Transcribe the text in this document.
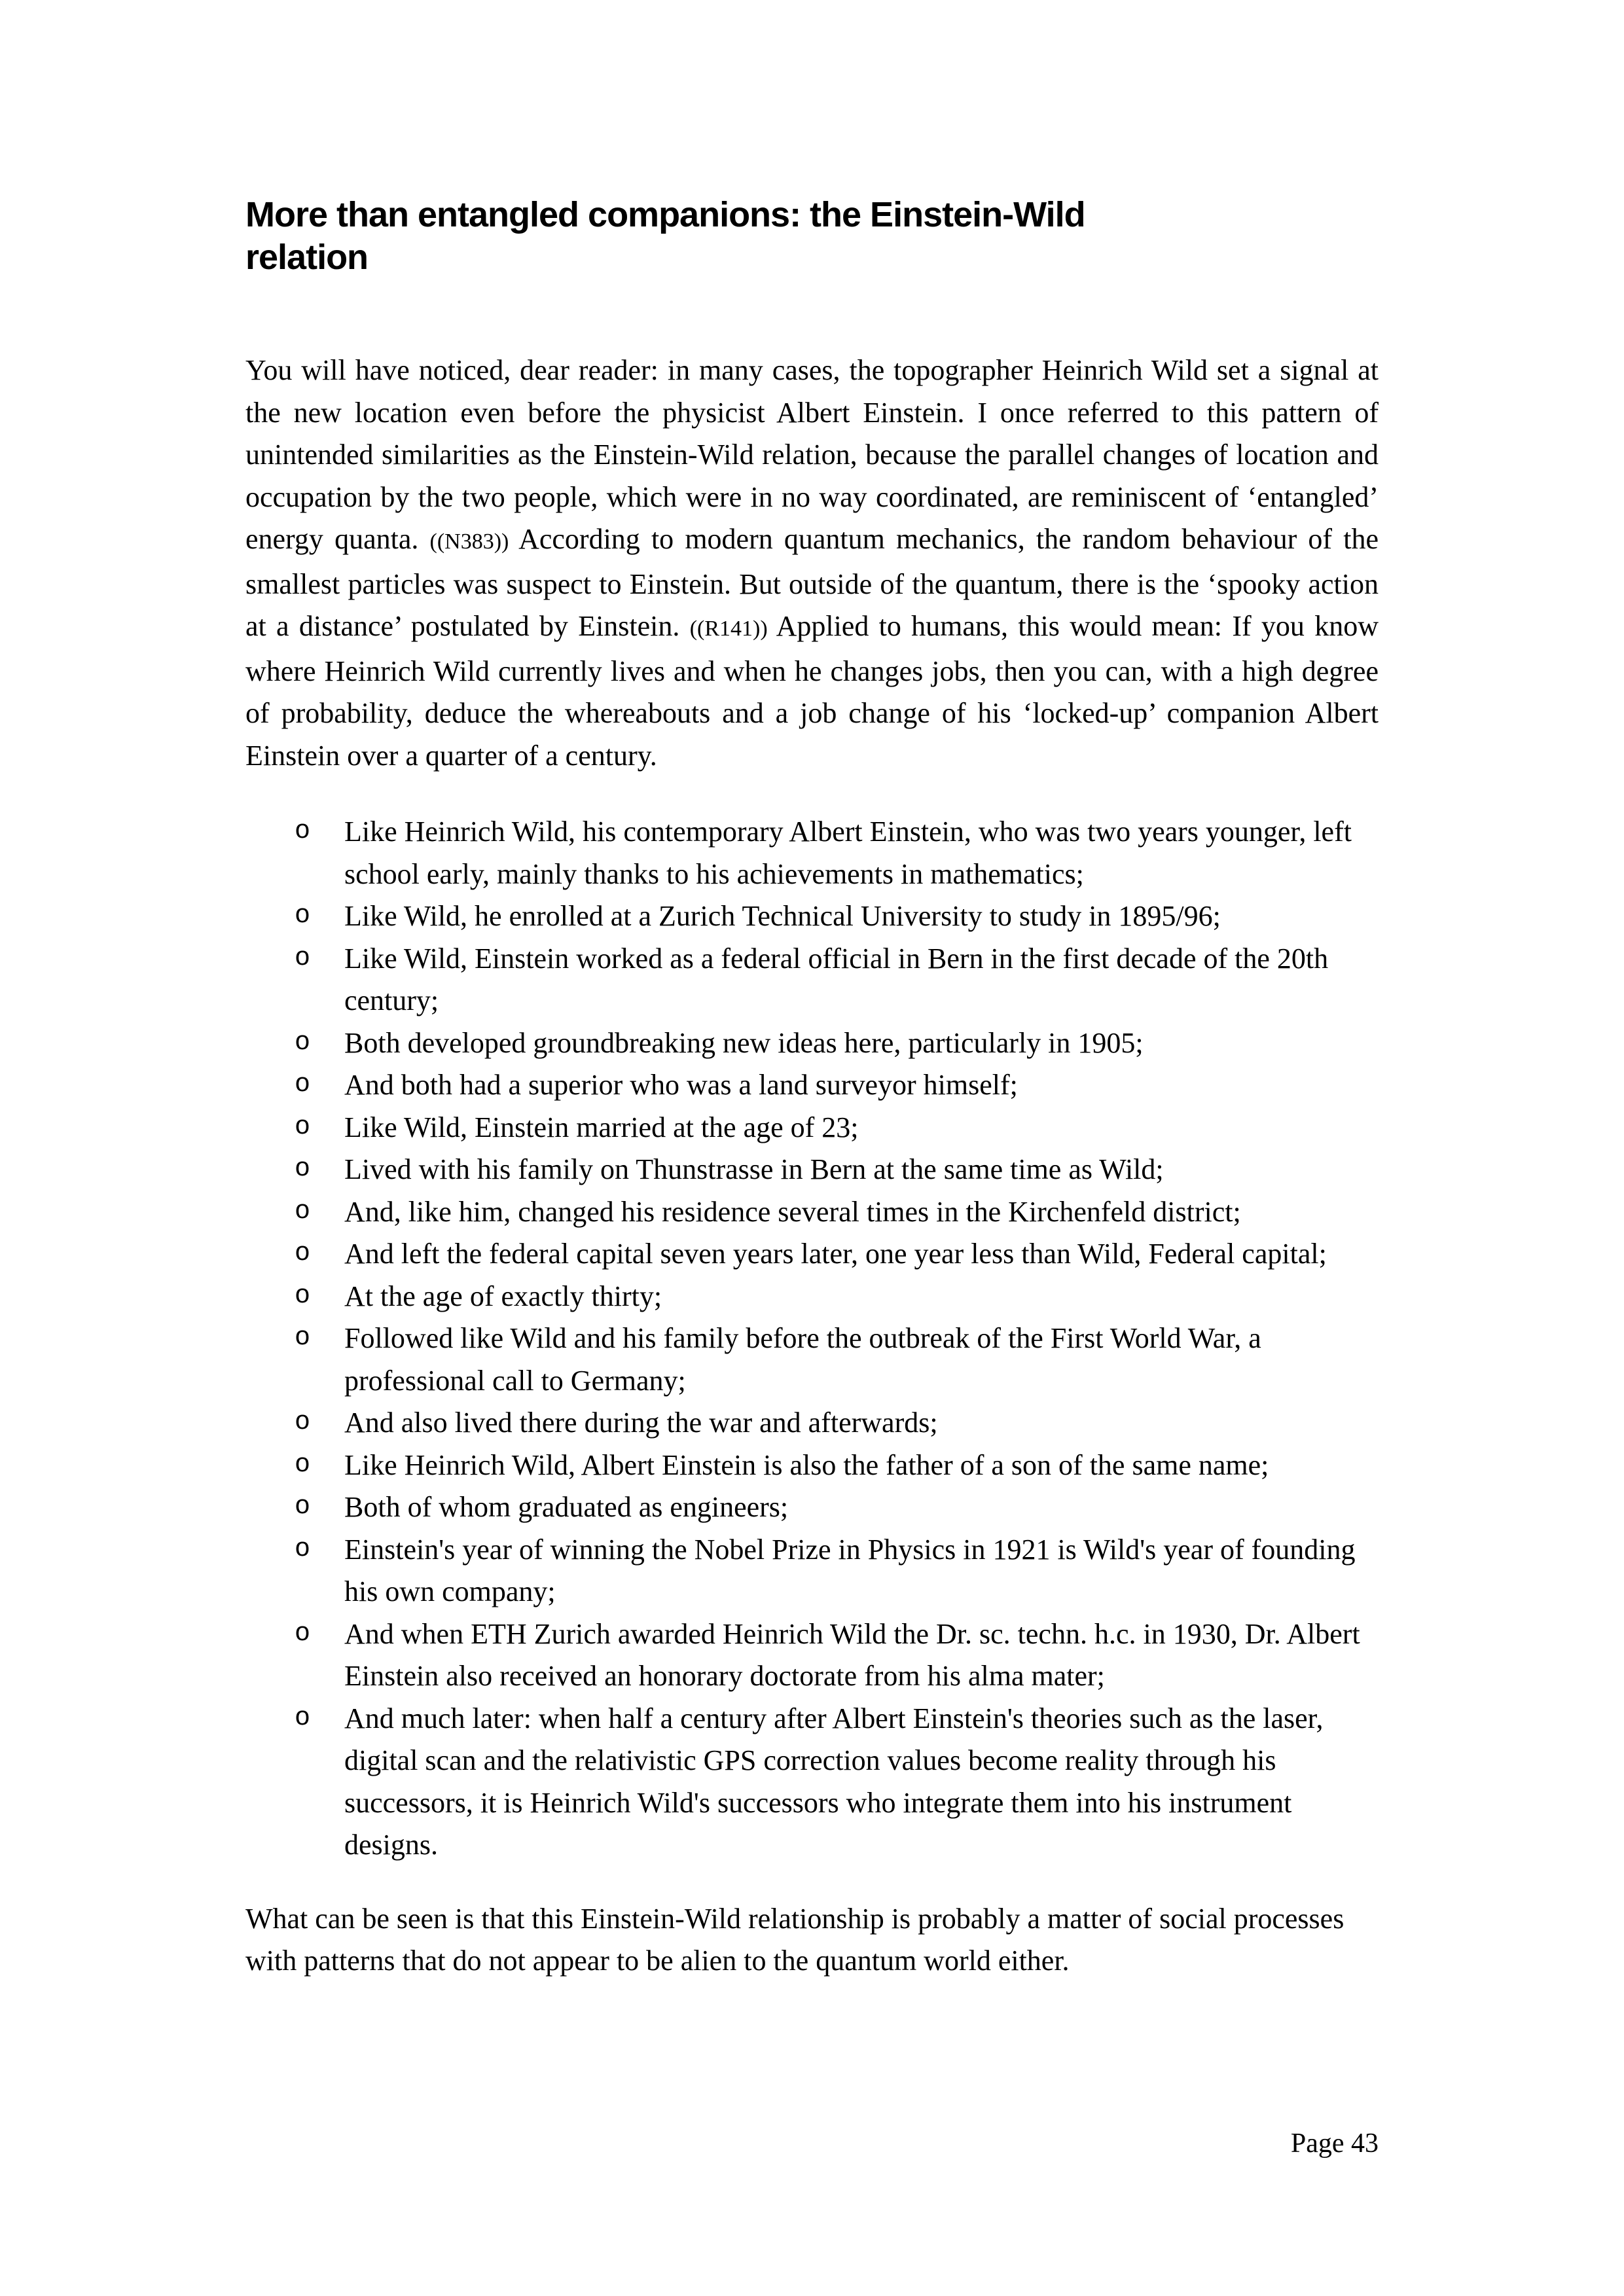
More than entangled companions: the Einstein-Wild
relation

You will have noticed, dear reader: in many cases, the topographer Heinrich Wild set a signal at the new location even before the physicist Albert Einstein. I once referred to this pattern of unintended similarities as the Einstein-Wild relation, because the parallel changes of location and occupation by the two people, which were in no way coordinated, are reminiscent of ‘entangled’ energy quanta. ((N383)) According to modern quantum mechanics, the random behaviour of the smallest particles was suspect to Einstein. But outside of the quantum, there is the ‘spooky action at a distance’ postulated by Einstein. ((R141)) Applied to humans, this would mean: If you know where Heinrich Wild currently lives and when he changes jobs, then you can, with a high degree of probability, deduce the whereabouts and a job change of his ‘locked-up’ companion Albert Einstein over a quarter of a century.

o Like Heinrich Wild, his contemporary Albert Einstein, who was two years younger, left school early, mainly thanks to his achievements in mathematics;
o Like Wild, he enrolled at a Zurich Technical University to study in 1895/96;
o Like Wild, Einstein worked as a federal official in Bern in the first decade of the 20th century;
o Both developed groundbreaking new ideas here, particularly in 1905;
o And both had a superior who was a land surveyor himself;
o Like Wild, Einstein married at the age of 23;
o Lived with his family on Thunstrasse in Bern at the same time as Wild;
o And, like him, changed his residence several times in the Kirchenfeld district;
o And left the federal capital seven years later, one year less than Wild, Federal capital;
o At the age of exactly thirty;
o Followed like Wild and his family before the outbreak of the First World War, a professional call to Germany;
o And also lived there during the war and afterwards;
o Like Heinrich Wild, Albert Einstein is also the father of a son of the same name;
o Both of whom graduated as engineers;
o Einstein's year of winning the Nobel Prize in Physics in 1921 is Wild's year of founding his own company;
o And when ETH Zurich awarded Heinrich Wild the Dr. sc. techn. h.c. in 1930, Dr. Albert Einstein also received an honorary doctorate from his alma mater;
o And much later: when half a century after Albert Einstein's theories such as the laser, digital scan and the relativistic GPS correction values become reality through his successors, it is Heinrich Wild's successors who integrate them into his instrument designs.

What can be seen is that this Einstein-Wild relationship is probably a matter of social processes with patterns that do not appear to be alien to the quantum world either.

Page 43
